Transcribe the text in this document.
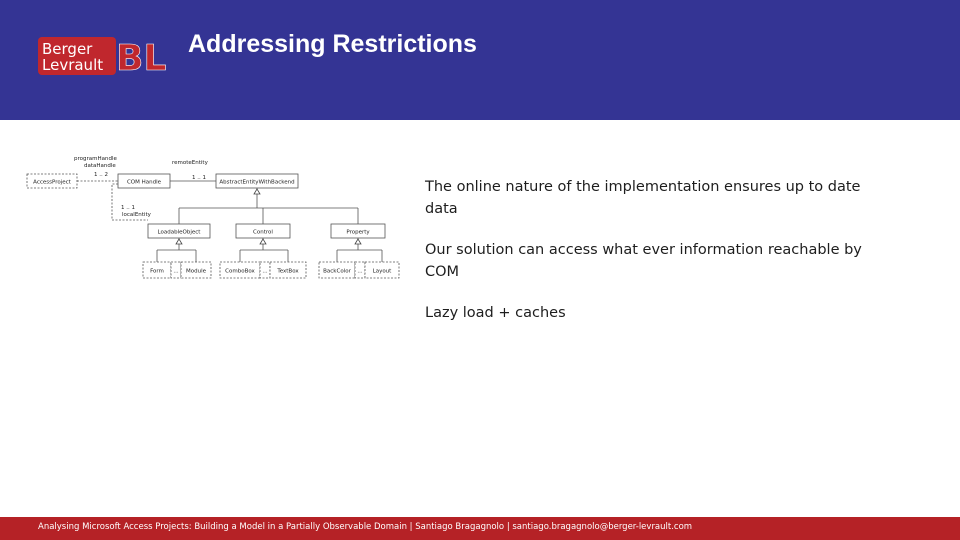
Berger
Levrault BL Addressing Restrictions
AccessProject	COM Handle	AbstractEntityWithBackend
LoadableObject	Control	Property
Form ... Module	ComboBox ... TextBox	BackColor ... Layout
programHandle
dataHandle	remoteEntity
localEntity
1 .. 2	1 .. 1
1 .. 1

The online nature of the implementation ensures up to date data

Our solution can access what ever information reachable by COM

Lazy load + caches

Analysing Microsoft Access Projects: Building a Model in a Partially Observable Domain | Santiago Bragagnolo | santiago.bragagnolo@berger-levrault.com
